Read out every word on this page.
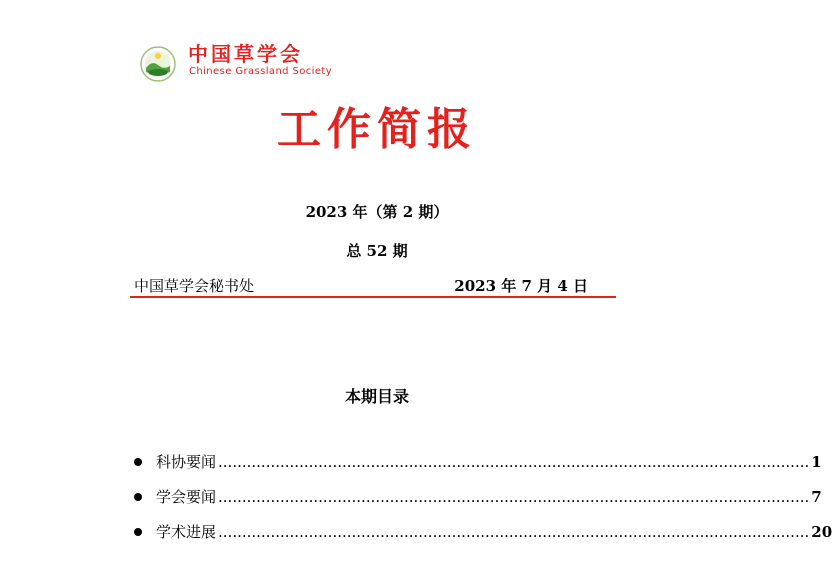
中国草学会
Chinese Grassland Society
工作简报
2023 年（第 2 期）
总 52 期
中国草学会秘书处	2023 年 7 月 4 日
本期目录
科协要闻 ............................................................................................................................ 1
学会要闻 ............................................................................................................................ 7
学术进展 ............................................................................................................................ 20
